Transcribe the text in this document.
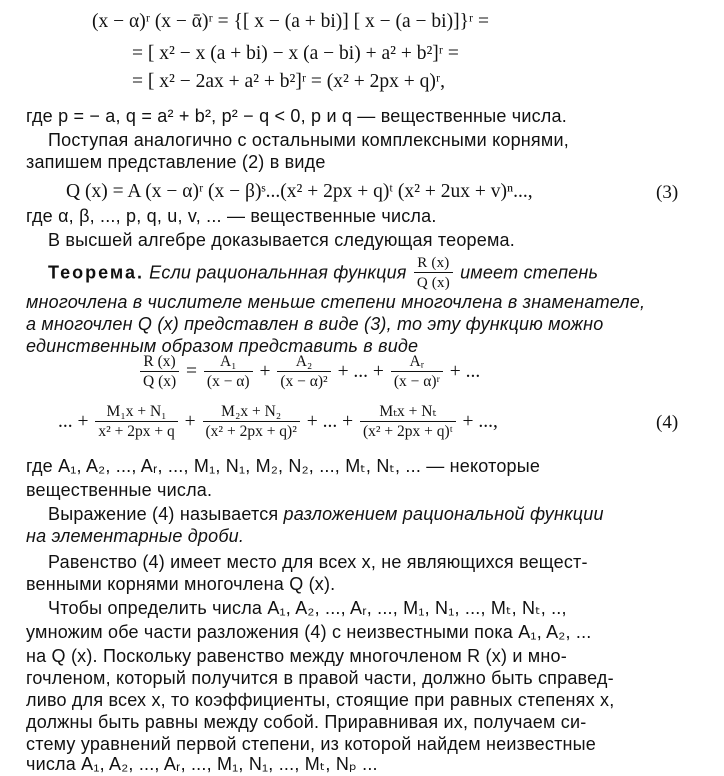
(x − α)ʳ (x − ᾱ)ʳ = {[ x − (a + bi)] [ x − (a − bi)]}ʳ =
= [ x² − x (a + bi) − x (a − bi) + a² + b²]ʳ =
= [ x² − 2ax + a² + b²]ʳ = (x² + 2px + q)ʳ,
где p = − a, q = a² + b², p² − q < 0, p и q — вещественные числа.
Поступая аналогично с остальными комплексными корнями,
запишем представление (2) в виде
Q (x) = A (x − α)ʳ (x − β)ˢ...(x² + 2px + q)ᵗ (x² + 2ux + v)ⁿ...,	(3)
где α, β, ..., p, q, u, v, ... — вещественные числа.
В высшей алгебре доказывается следующая теорема.
Теорема. Если рациональнная функция $\frac{R (x)}{Q (x)}$ имеет степень
многочлена в числителе меньше степени многочлена в знаменателе,
а многочлен Q (x) представлен в виде (3), то эту функцию можно
единственным образом представить в виде
$\frac{R (x)}{Q (x)} = \frac{\text{A₁}}{(x - \alpha)} + \frac{\text{A₂}}{\text{(x − α)²}}$ + ... + $\frac{\text{Aᵣ}}{\text{(x − α)ʳ}}$ + ...
... + $\frac{\text{M₁x + N₁}}{\text{x² + 2px + q}} + \frac{\text{M₂x + N₂}}{\text{(x² + 2px + q)²}}$ + ... + $\frac{\text{Mₜx + Nₜ}}{\text{(x² + 2px + q)ᵗ}}$ + ...,	(4)
где A₁, A₂, ..., Aᵣ, ..., M₁, N₁, M₂, N₂, ..., Mₜ, Nₜ, ... — некоторые
вещественные числа.
Выражение (4) называется разложением рациональной функции
на элементарные дроби.
Равенство (4) имеет место для всех x, не являющихся вещест-
венными корнями многочлена Q (x).
Чтобы определить числа A₁, A₂, ..., Aᵣ, ..., M₁, N₁, ..., Mₜ, Nₜ, ..,
умножим обе части разложения (4) с неизвестными пока A₁, A₂, ...
на Q (x). Поскольку равенство между многочленом R (x) и мно-
гочленом, который получится в правой части, должно быть справед-
ливо для всех x, то коэффициенты, стоящие при равных степенях x,
должны быть равны между собой. Приравнивая их, получаем си-
стему уравнений первой степени, из которой найдем неизвестные
числа A₁, A₂, ..., Aᵣ, ..., M₁, N₁, ..., Mₜ, Nₚ ...
